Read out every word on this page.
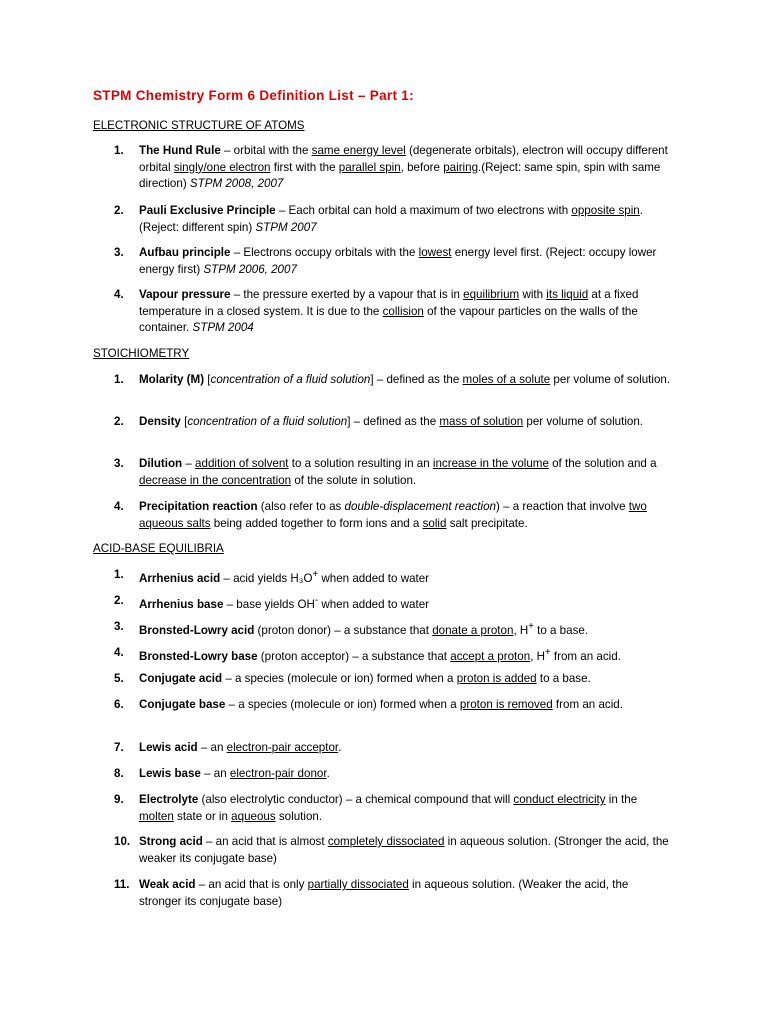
STPM Chemistry Form 6 Definition List – Part 1:
ELECTRONIC STRUCTURE OF ATOMS
1.	The Hund Rule – orbital with the same energy level (degenerate orbitals), electron will occupy different orbital singly/one electron first with the parallel spin, before pairing.(Reject: same spin, spin with same direction) STPM 2008, 2007
2.	Pauli Exclusive Principle – Each orbital can hold a maximum of two electrons with opposite spin. (Reject: different spin) STPM 2007
3.	Aufbau principle – Electrons occupy orbitals with the lowest energy level first. (Reject: occupy lower energy first) STPM 2006, 2007
4.	Vapour pressure – the pressure exerted by a vapour that is in equilibrium with its liquid at a fixed temperature in a closed system. It is due to the collision of the vapour particles on the walls of the container. STPM 2004
STOICHIOMETRY
1.	Molarity (M) [concentration of a fluid solution] – defined as the moles of a solute per volume of solution.
2.	Density [concentration of a fluid solution] – defined as the mass of solution per volume of solution.
3.	Dilution – addition of solvent to a solution resulting in an increase in the volume of the solution and a decrease in the concentration of the solute in solution.
4.	Precipitation reaction (also refer to as double-displacement reaction) – a reaction that involve two aqueous salts being added together to form ions and a solid salt precipitate.
ACID-BASE EQUILIBRIA
1.	Arrhenius acid – acid yields H₃O+ when added to water
2.	Arrhenius base – base yields OH- when added to water
3.	Bronsted-Lowry acid (proton donor) – a substance that donate a proton, H+ to a base.
4.	Bronsted-Lowry base (proton acceptor) – a substance that accept a proton, H+ from an acid.
5.	Conjugate acid – a species (molecule or ion) formed when a proton is added to a base.
6.	Conjugate base – a species (molecule or ion) formed when a proton is removed from an acid.
7.	Lewis acid – an electron-pair acceptor.
8.	Lewis base – an electron-pair donor.
9.	Electrolyte (also electrolytic conductor) – a chemical compound that will conduct electricity in the molten state or in aqueous solution.
10. Strong acid – an acid that is almost completely dissociated in aqueous solution. (Stronger the acid, the weaker its conjugate base)
11. Weak acid – an acid that is only partially dissociated in aqueous solution. (Weaker the acid, the stronger its conjugate base)
